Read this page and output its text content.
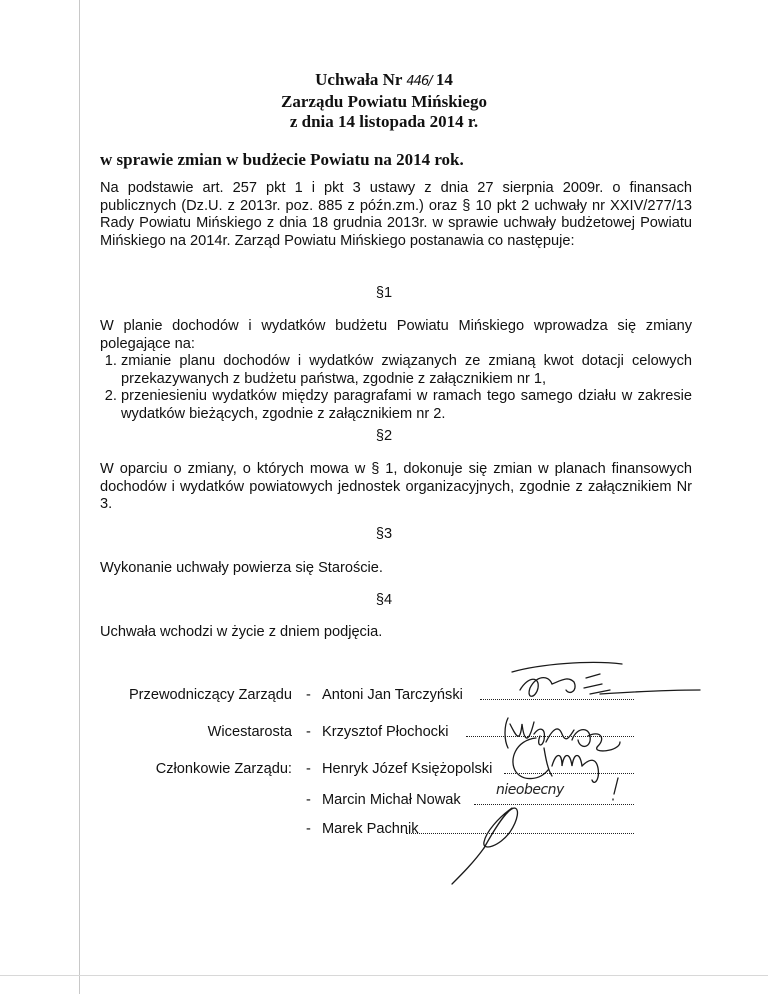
Uchwała Nr 446/ 14
Zarządu Powiatu Mińskiego
z dnia 14 listopada 2014 r.
w sprawie zmian w budżecie Powiatu na 2014 rok.
Na podstawie art. 257 pkt 1 i pkt 3 ustawy z dnia 27 sierpnia 2009r. o finansach publicznych (Dz.U. z 2013r. poz. 885 z późn.zm.) oraz § 10 pkt 2 uchwały nr XXIV/277/13 Rady Powiatu Mińskiego z dnia 18 grudnia 2013r. w sprawie uchwały budżetowej Powiatu Mińskiego na 2014r. Zarząd Powiatu Mińskiego postanawia co następuje:
§1
W planie dochodów i wydatków budżetu Powiatu Mińskiego wprowadza się zmiany polegające na:
1. zmianie planu dochodów i wydatków związanych ze zmianą kwot dotacji celowych przekazywanych z budżetu państwa, zgodnie z załącznikiem nr 1,
2. przeniesieniu wydatków między paragrafami w ramach tego samego działu w zakresie wydatków bieżących, zgodnie z załącznikiem nr 2.
§2
W oparciu o zmiany, o których mowa w § 1, dokonuje się zmian w planach finansowych dochodów i wydatków powiatowych jednostek organizacyjnych, zgodnie z załącznikiem Nr 3.
§3
Wykonanie uchwały powierza się Staroście.
§4
Uchwała wchodzi w życie z dniem podjęcia.
Przewodniczący Zarządu - Antoni Jan Tarczyński
Wicestarosta - Krzysztof Płochocki
Członkowie Zarządu: - Henryk Józef Księżopolski
- Marcin Michał Nowak
- Marek Pachnik
nieobecny
